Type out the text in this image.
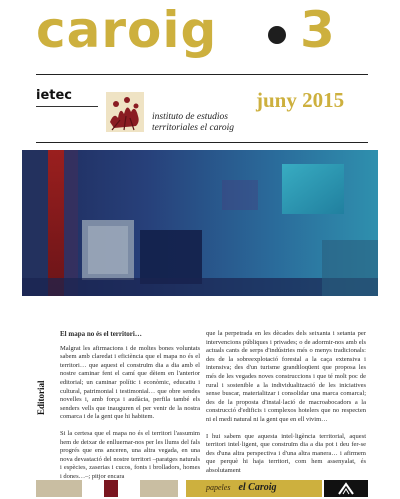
caroig 3
ietec
instituto de estudios
territoriales el caroig
juny 2015
Editorial
El mapa no és el territori…

Malgrat les afirmacions i de moltes bones voluntats sabem amb claredat i eficiència que el mapa no és el territori… que aquest el construïm dia a dia amb el nostre caminar fent el camí que dèiem en l'anterior editorial; un caminar polític i econòmic, educatiu i cultural, patrimonial i testimonial… que obre sendes novelles i, amb força i audàcia, perfila també els senders vells que inauguren el per venir de la nostra comarca i de la gent que hi habitem.

Si la certesa que el mapa no és el territori l'assumim hem de deixar de enlluernar-nos per les llums del fals progrés que ens anceren, una altra vegada, en una nova devastació del nostre territori –paratges naturals i espècies, zaserias i cucos, fonts i brolladors, homes i dones…–; pitjor encara

que la perpetrada en les dècades dels seixanta i setanta per intervencions públiques i privades; o de adormir-nos amb els actuals cants de serps d'indústries més o menys tradicionals: des de la sobreexplotació forestal a la caça extensiva i intensiva; des d'un turisme grandiloqüent que proposa les més de les vegades noves construccions i que té molt poc de rural i sostenible a la individualització de les iniciatives sense buscar, materialitzar i consolidar una marca comarcal; des de la proposta d'instal·lació de macroabocadors a la construcció d'edificis i complexos hotelers que no respecten ni el medi natural ni la gent que en ell vivim…

I hui sabem que aquesta intel·ligència territorial, aquest territori intel·ligent, que construïm dia a dia pot i deu fer-se des d'una altra perspectiva i d'una altra manera… i afirmem que perquè hi haja territori, com hem assenyalat, és absolutament

papeles el Caroig
